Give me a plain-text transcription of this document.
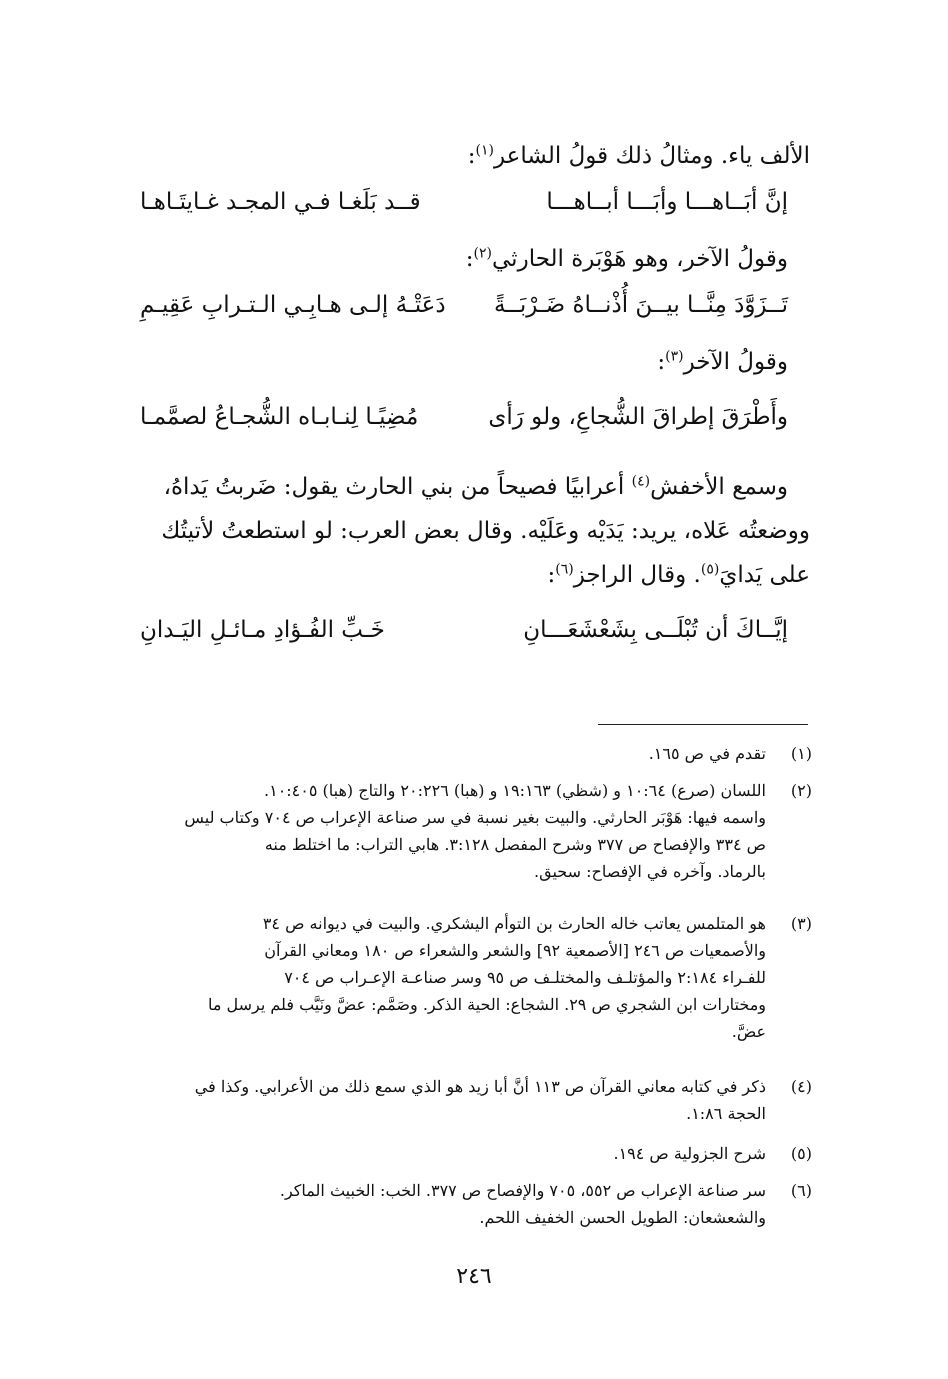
الألف ياء. ومثالُ ذلك قولُ الشاعر$^{(١)}$:
إنَّ أبَــاهـــا وأبَـــا أبــاهـــا
قــد بَلَغـا فـي المجـد غـايتَـاهـا
وقولُ الآخر، وهو هَوْبَرة الحارثي$^{(٢)}$:
تَــزَوَّدَ مِنَّــا بيــنَ أُذْنــاهُ ضَـرْبَــةً
دَعَتْـهُ إلـى هـابِـي الـتـرابِ عَقِيـمِ
وقولُ الآخر$^{(٣)}$:
وأَطْرَقَ إطراقَ الشُّجاعِ، ولو رَأى
مُضِيًـا لِنـابـاه الشُّجـاعُ لصمَّمـا
وسمع الأخفش$^{(٤)}$ أعرابيًا فصيحاً من بني الحارث يقول: ضَربتُ يَداهُ،
ووضعتُه عَلاه، يريد: يَدَيْه وعَلَيْه. وقال بعض العرب: لو استطعتُ لأتيتُك
على يَدايَ$^{(٥)}$. وقال الراجز$^{(٦)}$:
إيَّــاكَ أن تُبْلَــى بِشَعْشَعَـــانِ
خَـبِّ الفُـؤادِ مـائـلِ اليَـدانِ
(١)
تقدم في ص ١٦٥.
(٢)
اللسان (صرع) ١٠:٦٤ و (شظي) ١٩:١٦٣ و (هبا) ٢٠:٢٢٦ والتاج (هبا) ١٠:٤٠٥.
واسمه فيها: هَوْبَر الحارثي. والبيت بغير نسبة في سر صناعة الإعراب ص ٧٠٤ وكتاب ليس
ص ٣٣٤ والإفصاح ص ٣٧٧ وشرح المفصل ٣:١٢٨. هابي التراب: ما اختلط منه
بالرماد. وآخره في الإفصاح: سحيق.
(٣)
هو المتلمس يعاتب خاله الحارث بن التوأم اليشكري. والبيت في ديوانه ص ٣٤
والأصمعيات ص ٢٤٦ [الأصمعية ٩٢] والشعر والشعراء ص ١٨٠ ومعاني القرآن
للفـراء ٢:١٨٤ والمؤتلـف والمختلـف ص ٩٥ وسر صناعـة الإعـراب ص ٧٠٤
ومختارات ابن الشجري ص ٢٩. الشجاع: الحية الذكر. وصَمَّم: عضَّ ونَيَّب فلم يرسل ما
عضَّ.
(٤)
ذكر في كتابه معاني القرآن ص ١١٣ أنَّ أبا زيد هو الذي سمع ذلك من الأعرابي. وكذا في
الحجة ١:٨٦.
(٥)
شرح الجزولية ص ١٩٤.
(٦)
سر صناعة الإعراب ص ٥٥٢، ٧٠٥ والإفصاح ص ٣٧٧. الخب: الخبيث الماكر.
والشعشعان: الطويل الحسن الخفيف اللحم.
٢٤٦
